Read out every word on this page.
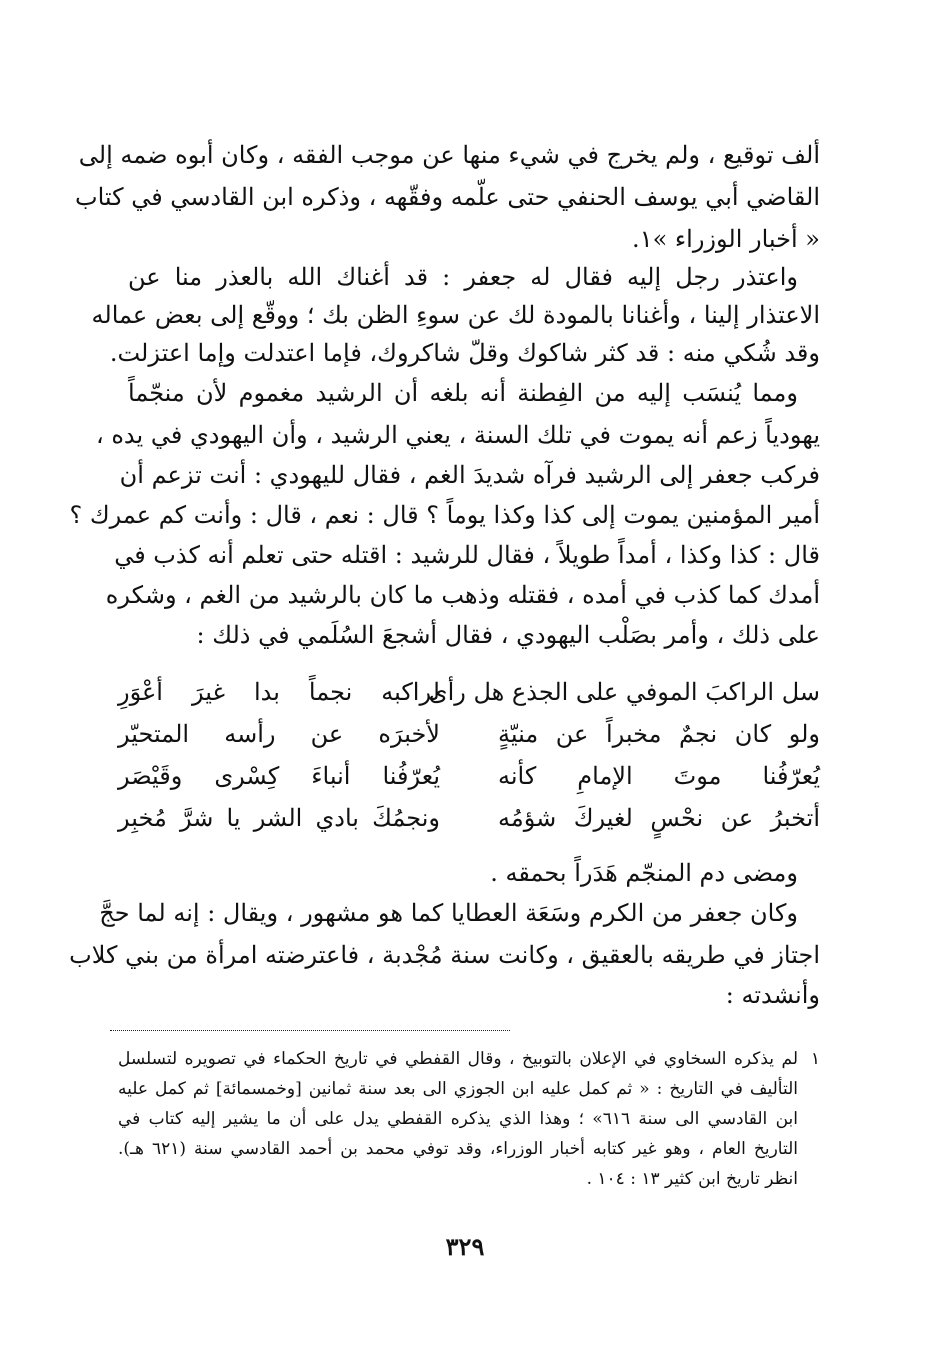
ألف توقيع ، ولم يخرج في شيء منها عن موجب الفقه ، وكان أبوه ضمه إلى
القاضي أبي يوسف الحنفي حتى علّمه وفقّهه ، وذكره ابن القادسي في كتاب
« أخبار الوزراء »١.
واعتذر رجل إليه فقال له جعفر : قد أغناك الله بالعذر منا عن
الاعتذار إلينا ، وأغنانا بالمودة لك عن سوءِ الظن بك ؛ ووقّع إلى بعض عماله
وقد شُكي منه : قد كثر شاكوك وقلّ شاكروك، فإما اعتدلت وإما اعتزلت.
ومما يُنسَب إليه من الفِطنة أنه بلغه أن الرشيد مغموم لأن منجّماً
يهودياً زعم أنه يموت في تلك السنة ، يعني الرشيد ، وأن اليهودي في يده ،
فركب جعفر إلى الرشيد فرآه شديدَ الغم ، فقال لليهودي : أنت تزعم أن
أمير المؤمنين يموت إلى كذا وكذا يوماً ؟ قال : نعم ، قال : وأنت كم عمرك ؟
قال : كذا وكذا ، أمداً طويلاً ، فقال للرشيد : اقتله حتى تعلم أنه كذب في
أمدك كما كذب في أمده ، فقتله وذهب ما كان بالرشيد من الغم ، وشكره
على ذلك ، وأمر بصَلْب اليهودي ، فقال أشجعَ السُلَمي في ذلك :
سل الراكبَ الموفي على الجذع هل رأى
لراكبه نجماً بدا غيرَ أعْوَرِ
ولو كان نجمٌ مخبراً عن منيّةٍ
لأخبرَه عن رأسه المتحيّر
يُعرّفُنا موتَ الإمامِ كأنه
يُعرّفُنا أنباءَ كِسْرى وقَيْصَر
أتخبرُ عن نحْسٍ لغيركَ شؤمُه
ونجمُكَ بادي الشر يا شرَّ مُخبِر
ومضى دم المنجّم هَدَراً بحمقه .
وكان جعفر من الكرم وسَعَة العطايا كما هو مشهور ، ويقال : إنه لما حجَّ
اجتاز في طريقه بالعقيق ، وكانت سنة مُجْدبة ، فاعترضته امرأة من بني كلاب
وأنشدته :
١
لم يذكره السخاوي في الإعلان بالتوبيخ ، وقال القفطي في تاريخ الحكماء في تصويره لتسلسل
التأليف في التاريخ : « ثم كمل عليه ابن الجوزي الى بعد سنة ثمانين [وخمسمائة] ثم كمل عليه
ابن القادسي الى سنة ٦١٦» ؛ وهذا الذي يذكره القفطي يدل على أن ما يشير إليه كتاب في
التاريخ العام ، وهو غير كتابه أخبار الوزراء، وقد توفي محمد بن أحمد القادسي سنة (٦٢١ هـ).
انظر تاريخ ابن كثير ١٣ : ١٠٤ .
٣٢٩
